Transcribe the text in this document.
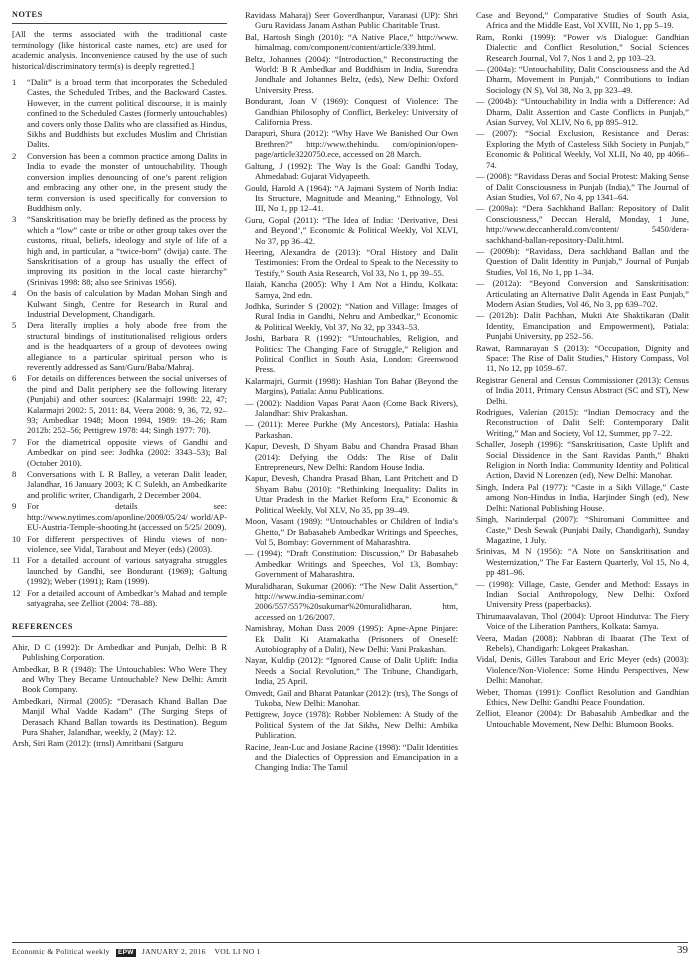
NOTES

[All the terms associated with the traditional caste terminology (like historical caste names, etc) are used for academic analysis. Inconvenience caused by the use of such historical/discriminatory term(s) is deeply regretted.]

1 “Dalit” is a broad term that incorporates the Scheduled Castes, the Scheduled Tribes, and the Backward Castes. However, in the current political discourse, it is mainly confined to the Scheduled Castes (formerly untouchables) and covers only those Dalits who are classified as Hindus, Sikhs and Buddhists but excludes Muslim and Christian Dalits.
2 Conversion has been a common practice among Dalits in India to evade the monster of untouchability. Though conversion implies denouncing of one’s parent religion and embracing any other one, in the present study the term conversion is used specifically for conversion to Buddhism only.
3 “Sanskritisation may be briefly defined as the process by which a “low” caste or tribe or other group takes over the customs, ritual, beliefs, ideology and style of life of a high and, in particular, a “twice-born” (dwija) caste. The Sanskritisation of a group has usually the effect of improving its position in the local caste hierarchy” (Srinivas 1998: 88; also see Srinivas 1956).
4 On the basis of calculation by Madan Mohan Singh and Kulwant Singh, Centre for Research in Rural and Industrial Development, Chandigarh.
5 Dera literally implies a holy abode free from the structural bindings of institutionalised religious orders and is the headquarters of a group of devotees owing allegiance to a particular spiritual person who is reverently addressed as Sant/Guru/Baba/Mahraj.
6 For details on differences between the social universes of the pind and Dalit periphery see the following literary (Punjabi) and other sources: (Kalarmajri 1998: 22, 47; Kalarmajri 2002: 5, 2011: 84, Veera 2008: 9, 36, 72, 92–93; Ambedkar 1948; Moon 1994, 1989: 19–26; Ram 2012b: 252–56; Pettigrew 1978: 44; Singh 1977: 70).
7 For the diametrical opposite views of Gandhi and Ambedkar on pind see: Jodhka (2002: 3343–53); Bal (October 2010).
8 Conversations with L R Balley, a veteran Dalit leader, Jalandhar, 16 January 2003; K C Sulekh, an Ambedkarite and prolific writer, Chandigarh, 2 December 2004.
9 For details see: http://www.nytimes.com/aponline/2009/05/24/ world/AP-EU-Austria-Temple-shooting.ht (accessed on 5/25/ 2009).
10 For different perspectives of Hindu views of non-violence, see Vidal, Tarabout and Meyer (eds) (2003).
11 For a detailed account of various satyagraha struggles launched by Gandhi, see Bondurant (1969); Galtung (1992); Weber (1991); Ram (1999).
12 For a detailed account of Ambedkar’s Mahad and temple satyagraha, see Zelliot (2004: 78–88).
REFERENCES
Ahir, D C (1992): Dr Ambedkar and Punjab, Delhi: B R Publishing Corporation.
Ambedkar, B R (1948): The Untouchables: Who Were They and Why They Became Untouchable? New Delhi: Amrit Book Company.
Ambedkari, Nirmal (2005): “Derasach Khand Ballan Dae Manjil Whal Vadde Kadam” (The Surging Steps of Derasach Khand Ballan towards its Destination). Begum Pura Shaher, Jalandhar, weekly, 2 (May): 12.
Arsh, Siri Ram (2012): (trnsl) Amritbani (Satguru
Ravidass Maharaj) Seer Goverdhanpur, Varanasi (UP): Shri Guru Ravidass Janam Asthan Public Charitable Trust.
Bal, Hartosh Singh (2010): “A Native Place,” http://www. himalmag. com/component/content/article/339.html.
Beltz, Johannes (2004): “Introduction,” Reconstructing the World: B R Ambedkar and Buddhism in India, Surendra Jondhale and Johannes Beltz, (eds), New Delhi: Oxford University Press.
Bondurant, Joan V (1969): Conquest of Violence: The Gandhian Philosophy of Conflict, Berkeley: University of California Press.
Darapuri, Shura (2012): “Why Have We Banished Our Own Brethren?” http://www.thehindu. com/opinion/open-page/article3220750.ece, accessed on 28 March.
Galtung, J (1992): The Way Is the Goal: Gandhi Today, Ahmedabad: Gujarat Vidyapeeth.
Gould, Harold A (1964): “A Jajmani System of North India: Its Structure, Magnitude and Meaning,” Ethnology, Vol III, No 1, pp 12–41.
Guru, Gopal (2011): “The Idea of India: ‘Derivative, Desi and Beyond’,” Economic & Political Weekly, Vol XLVI, No 37, pp 36–42.
Heering, Alexandra de (2013): “Oral History and Dalit Testimonies: From the Ordeal to Speak to the Necessity to Testify,” South Asia Research, Vol 33, No 1, pp 39–55.
Ilaiah, Kancha (2005): Why I Am Not a Hindu, Kolkata: Samya, 2nd edn.
Jodhka, Surinder S (2002): “Nation and Village: Images of Rural India in Gandhi, Nehru and Ambedkar,” Economic & Political Weekly, Vol 37, No 32, pp 3343–53.
Joshi, Barbara R (1992): “Untouchables, Religion, and Politics: The Changing Face of Struggle,” Religion and Political Conflict in South Asia, London: Greenwood Press.
Kalarmajri, Gurmit (1998): Hashian Ton Bahar (Beyond the Margins), Patiala: Annu Publications.
— (2002): Naddion Vapas Parat Aaon (Come Back Rivers), Jalandhar: Shiv Prakashan.
— (2011): Meree Purkhe (My Ancestors), Patiala: Hashia Parkashan.
Kapur, Devesh, D Shyam Babu and Chandra Prasad Bhan (2014): Defying the Odds: The Rise of Dalit Entrepreneurs, New Delhi: Random House India.
Kapur, Devesh, Chandra Prasad Bhan, Lant Pritchett and D Shyam Babu (2010): “Rethinking Inequality: Dalits in Uttar Pradesh in the Market Reform Era,” Economic & Political Weekly, Vol XLV, No 35, pp 39–49.
Moon, Vasant (1989): “Untouchables or Children of India’s Ghetto,” Dr Babasaheb Ambedkar Writings and Speeches, Vol 5, Bombay: Government of Maharashtra.
— (1994): “Draft Constitution: Discussion,” Dr Babasaheb Ambedkar Writings and Speeches, Vol 13, Bombay: Government of Maharashtra.
Muralidharan, Sukumar (2006): “The New Dalit Assertion,” http:///www.india-seminar.com/ 2006/557/557%20sukumar%20muralidharan. htm, accessed on 1/26/2007.
Namishray, Mohan Dass 2009 (1995): Apne-Apne Pinjare: Ek Dalit Ki Atamakatha (Prisoners of Oneself: Autobiography of a Dalit), New Delhi: Vani Prakashan.
Nayar, Kuldip (2012): “Ignored Cause of Dalit Uplift: India Needs a Social Revolution,” The Tribune, Chandigarh, India, 25 April.
Omvedt, Gail and Bharat Patankar (2012): (trs), The Songs of Tukoba, New Delhi: Manohar.
Pettigrew, Joyce (1978): Robber Noblemen: A Study of the Political System of the Jat Sikhs, New Delhi: Ambika Publication.
Racine, Jean-Luc and Josiane Racine (1998): “Dalit Identities and the Dialectics of Oppression and Emancipation in a Changing India: The Tamil
Case and Beyond,” Comparative Studies of South Asia, Africa and the Middle East, Vol XVIII, No 1, pp 5–19.
Ram, Ronki (1999): “Power v/s Dialogue: Gandhian Dialectic and Conflict Resolution,” Social Sciences Research Journal, Vol 7, Nos 1 and 2, pp 103–23.
— (2004a): “Untouchability, Dalit Consciousness and the Ad Dharm, Movement in Punjab,” Contributions to Indian Sociology (N S), Vol 38, No 3, pp 323–49.
— (2004b): “Untouchability in India with a Difference: Ad Dharm, Dalit Assertion and Caste Conflicts in Punjab,” Asian Survey, Vol XLIV, No 6, pp 895–912.
— (2007): “Social Exclusion, Resistance and Deras: Exploring the Myth of Casteless Sikh Society in Punjab,” Economic & Political Weekly, Vol XLII, No 40, pp 4066–74.
— (2008): “Ravidass Deras and Social Protest: Making Sense of Dalit Consciousness in Punjab (India),” The Journal of Asian Studies, Vol 67, No 4, pp 1341–64.
— (2009a): “Dera Sachkhand Ballan: Repository of Dalit Consciousness,” Deccan Herald, Monday, 1 June, http://www.deccanherald.com/content/ 5450/dera-sachkhand-ballan-repository-Dalit.html.
— (2009b): “Ravidass, Dera sachkhand Ballan and the Question of Dalit Identity in Punjab,” Journal of Punjab Studies, Vol 16, No 1, pp 1–34.
— (2012a): “Beyond Conversion and Sanskritisation: Articulating an Alternative Dalit Agenda in East Punjab,” Modern Asian Studies, Vol 46, No 3, pp 639–702.
— (2012b): Dalit Pachhan, Mukti Ate Shaktikaran (Dalit Identity, Emancipation and Empowerment), Patiala: Punjabi University, pp 252–56.
Rawat, Ramnarayan S (2013): “Occupation, Dignity and Space: The Rise of Dalit Studies,” History Compass, Vol 11, No 12, pp 1059–67.
Registrar General and Census Commissioner (2013): Census of India 2011, Primary Census Abstract (SC and ST), New Delhi.
Rodrigues, Valerian (2015): “Indian Democracy and the Reconstruction of Dalit Self: Contemporary Dalit Writing,” Man and Society, Vol 12, Summer, pp 7–22.
Schaller, Joseph (1996): “Sanskritisation, Caste Uplift and Social Dissidence in the Sant Ravidas Panth,” Bhakti Religion in North India: Community Identity and Political Action, David N Lorenzen (ed), New Delhi: Manohar.
Singh, Indera Pal (1977): “Caste in a Sikh Village,” Caste among Non-Hindus in India, Harjinder Singh (ed), New Delhi: National Publishing House.
Singh, Narinderpal (2007): “Shiromani Committee and Caste,” Desh Sewak (Punjabi Daily, Chandigarh), Sunday Magazine, 1 July.
Srinivas, M N (1956): “A Note on Sanskritisation and Westernization,” The Far Eastern Quarterly, Vol 15, No 4, pp 481–96.
— (1998): Village, Caste, Gender and Method: Essays in Indian Social Anthropology, New Delhi: Oxford University Press (paperbacks).
Thirumaavalavan, Thol (2004): Uproot Hindutva: The Fiery Voice of the Liberation Panthers, Kolkata: Samya.
Veera, Madan (2008): Nabbran di Ibaarat (The Text of Rebels), Chandigarh: Lokgeet Prakashan.
Vidal, Denis, Gilles Tarabout and Eric Meyer (eds) (2003): Violence/Non-Violence: Some Hindu Perspectives, New Delhi: Manohar.
Weber, Thomas (1991): Conflict Resolution and Gandhian Ethics, New Delhi: Gandhi Peace Foundation.
Zelliot, Eleanor (2004): Dr Babasahib Ambedkar and the Untouchable Movement, New Delhi: Blumoon Books.
Economic & Political weekly EPW JANUARY 2, 2016 VOL LI NO 1	39
